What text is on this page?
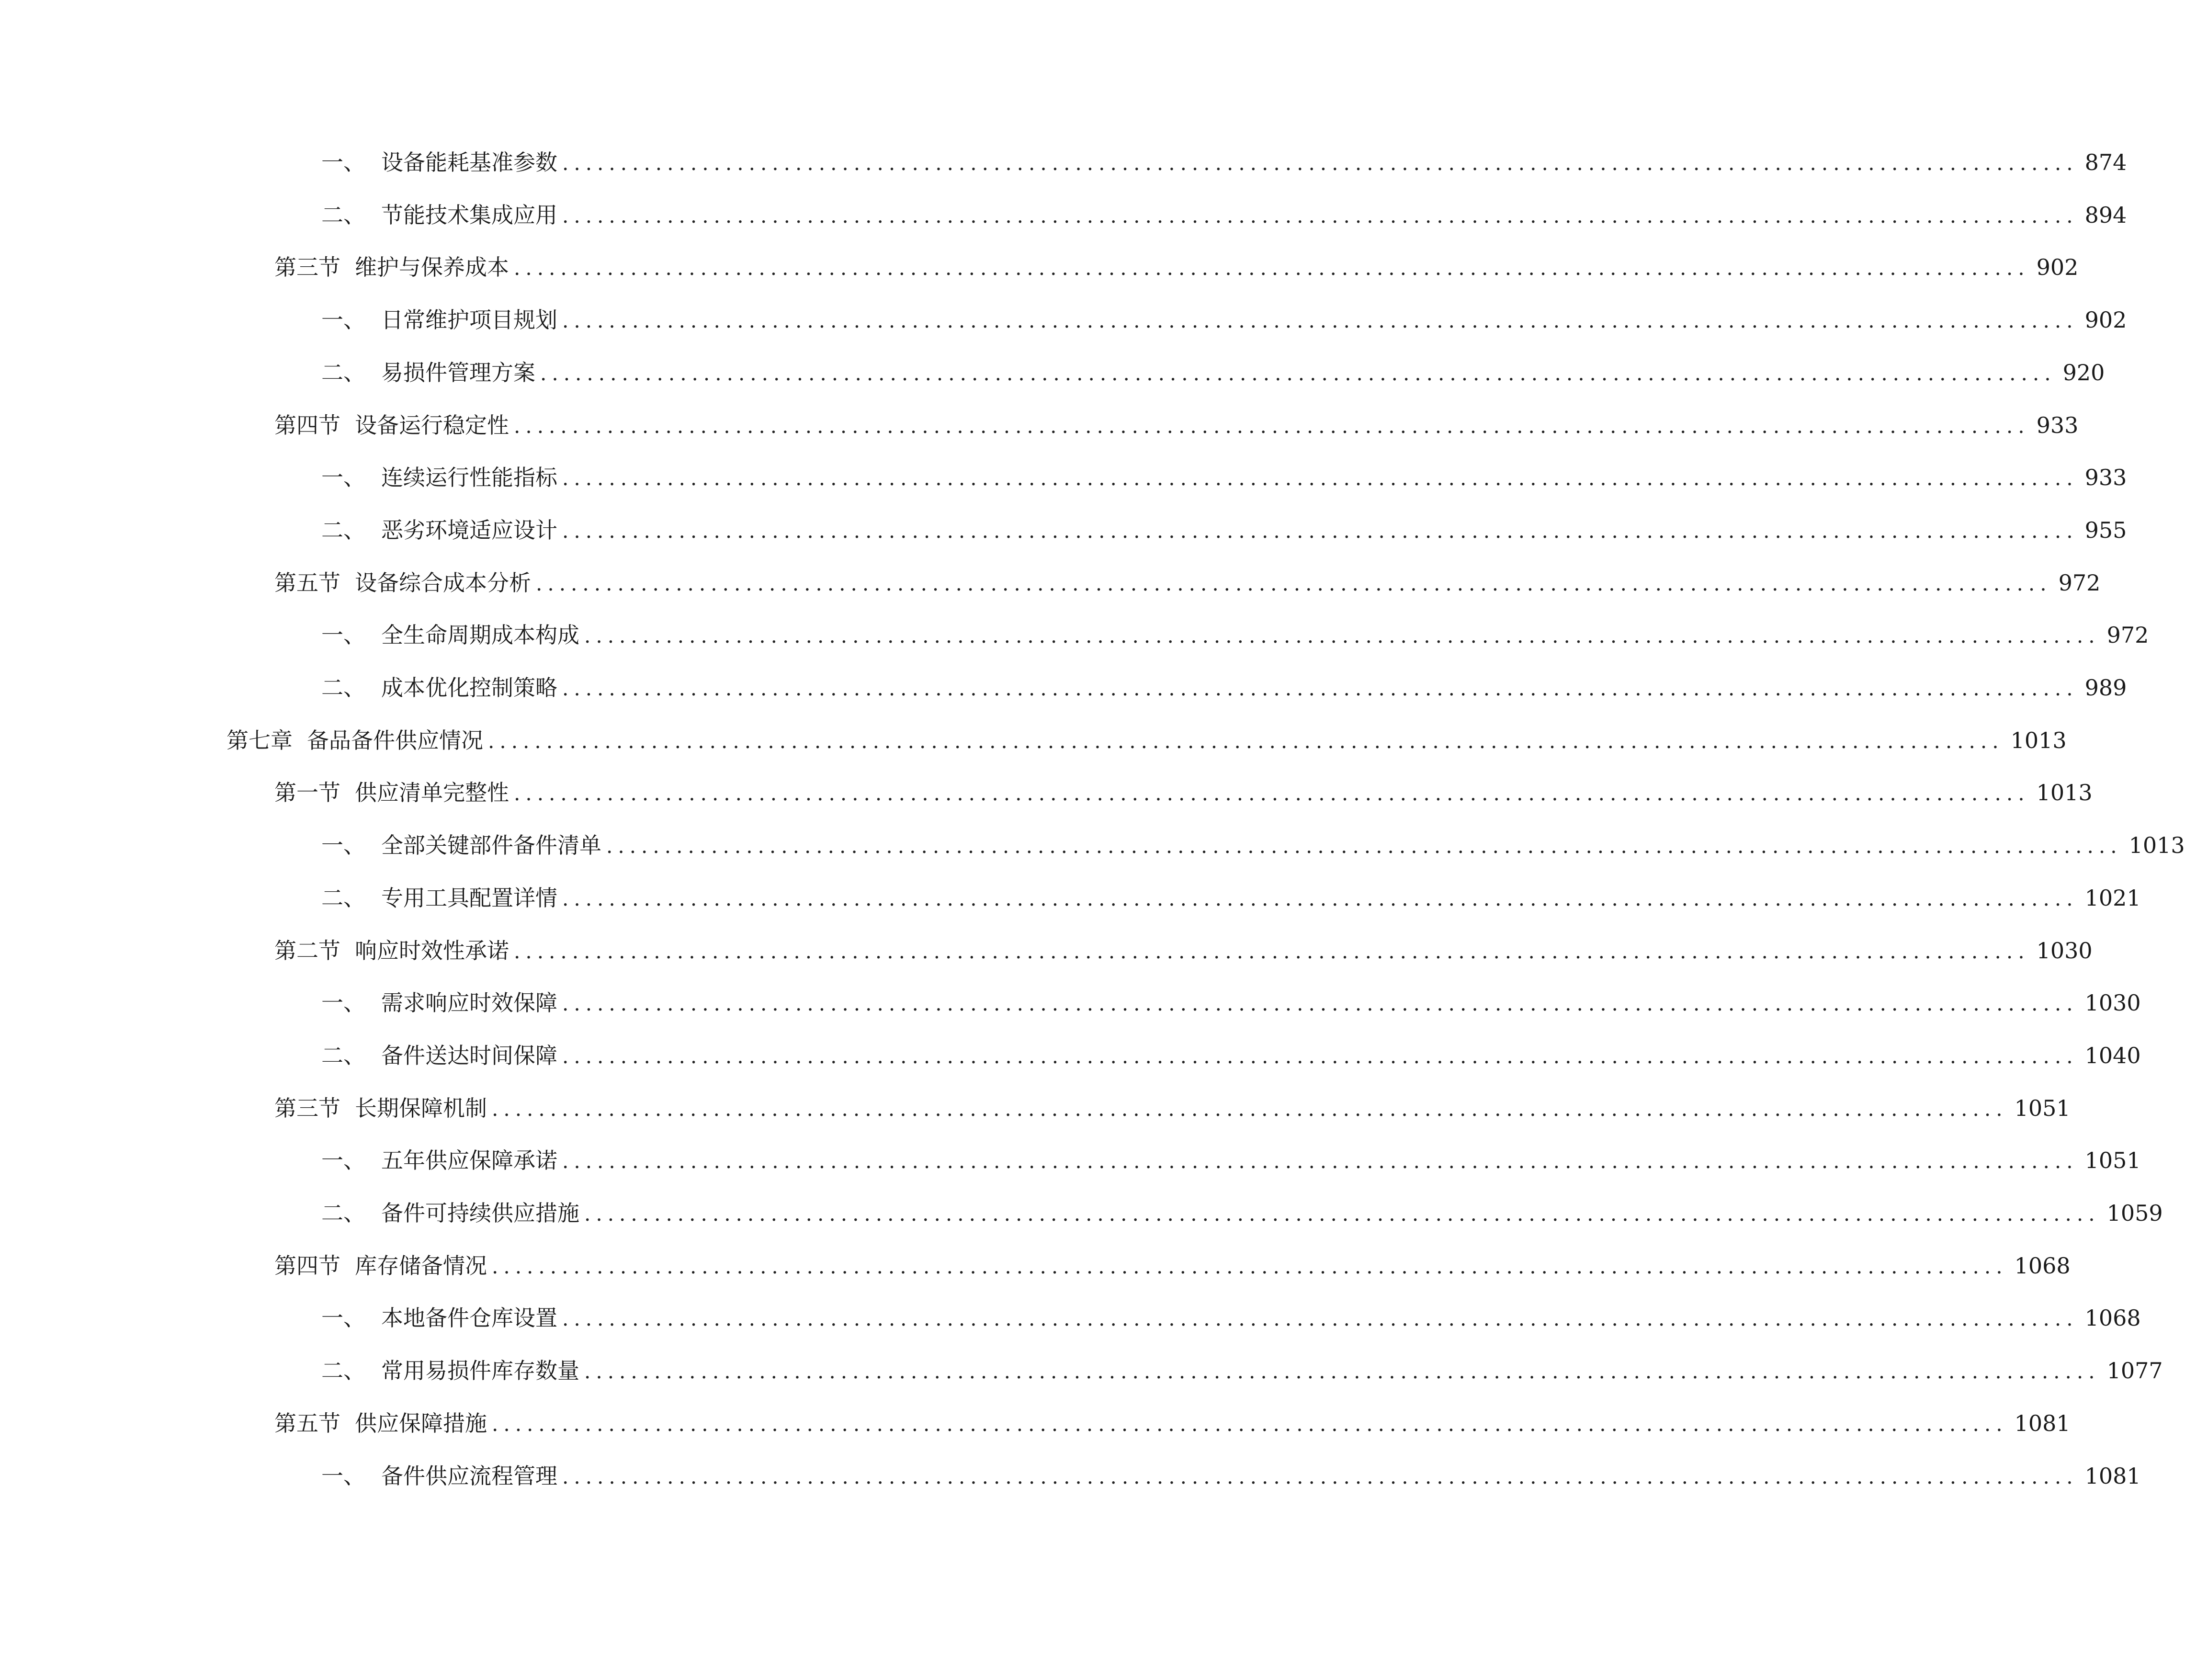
一、 设备能耗基准参数 .................................................................................................................................. 874
二、 节能技术集成应用 .................................................................................................................................. 894
第三节 维护与保养成本 .................................................................................................................................. 902
一、 日常维护项目规划 .................................................................................................................................. 902
二、 易损件管理方案 .................................................................................................................................. 920
第四节 设备运行稳定性 .................................................................................................................................. 933
一、 连续运行性能指标 .................................................................................................................................. 933
二、 恶劣环境适应设计 .................................................................................................................................. 955
第五节 设备综合成本分析 .................................................................................................................................. 972
一、 全生命周期成本构成 .................................................................................................................................. 972
二、 成本优化控制策略 .................................................................................................................................. 989
第七章 备品备件供应情况 .................................................................................................................................. 1013
第一节 供应清单完整性 .................................................................................................................................. 1013
一、 全部关键部件备件清单 .................................................................................................................................. 1013
二、 专用工具配置详情 .................................................................................................................................. 1021
第二节 响应时效性承诺 .................................................................................................................................. 1030
一、 需求响应时效保障 .................................................................................................................................. 1030
二、 备件送达时间保障 .................................................................................................................................. 1040
第三节 长期保障机制 .................................................................................................................................. 1051
一、 五年供应保障承诺 .................................................................................................................................. 1051
二、 备件可持续供应措施 .................................................................................................................................. 1059
第四节 库存储备情况 .................................................................................................................................. 1068
一、 本地备件仓库设置 .................................................................................................................................. 1068
二、 常用易损件库存数量 .................................................................................................................................. 1077
第五节 供应保障措施 .................................................................................................................................. 1081
一、 备件供应流程管理 .................................................................................................................................. 1081
